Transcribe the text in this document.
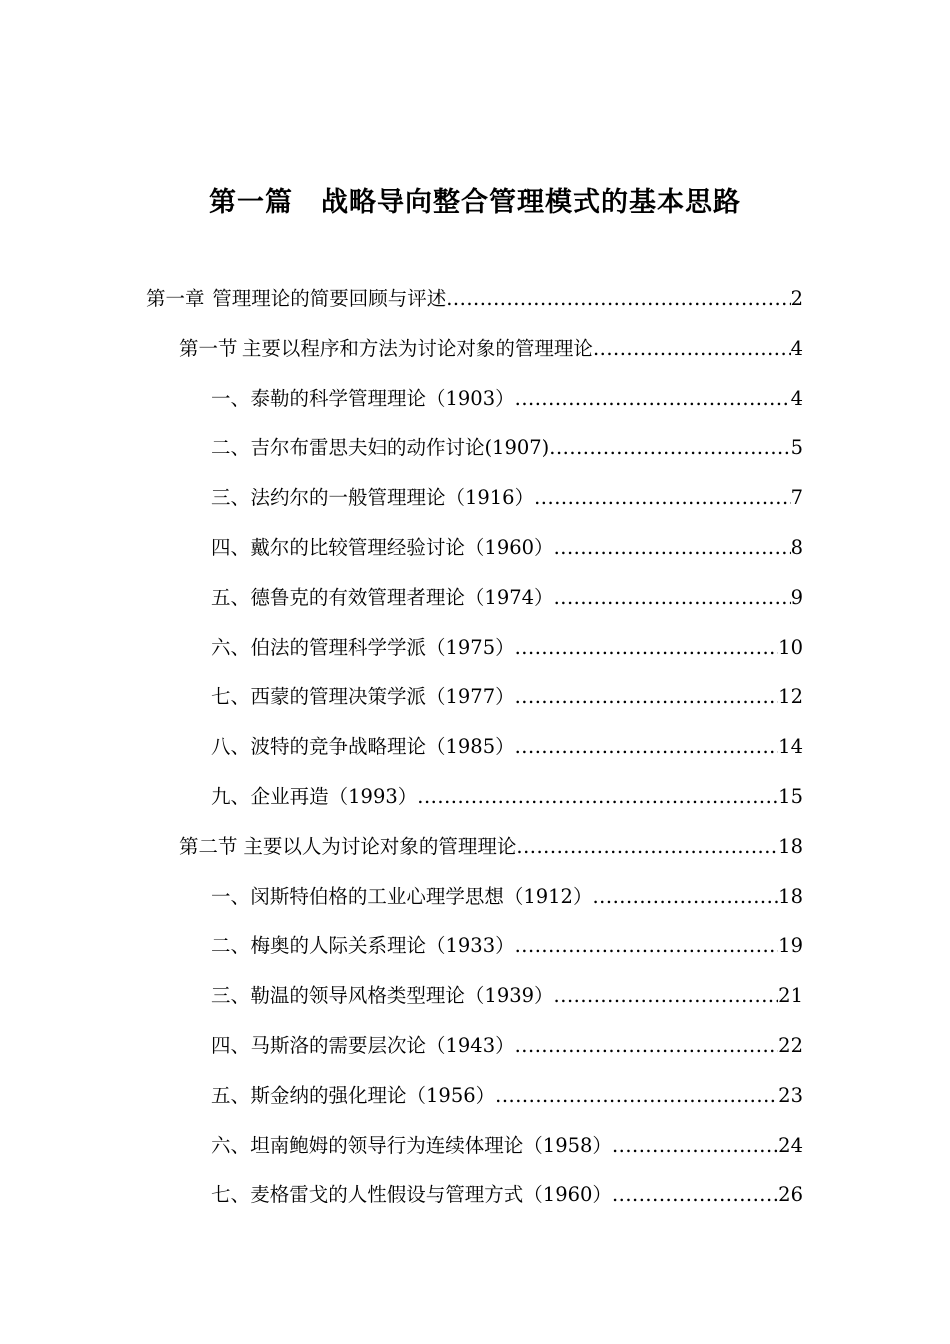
第一篇　战略导向整合管理模式的基本思路
第一章 管理理论的简要回顾与评述 .....	2
第一节 主要以程序和方法为讨论对象的管理理论 .....	4
一、 泰勒的科学管理理论（1903） .....	4
二、 吉尔布雷思夫妇的动作讨论(1907) .....	5
三、 法约尔的一般管理理论（1916） .....	7
四、 戴尔的比较管理经验讨论（1960） .....	8
五、 德鲁克的有效管理者理论（1974） .....	9
六、 伯法的管理科学学派（1975） .....	10
七、 西蒙的管理决策学派（1977） .....	12
八、 波特的竞争战略理论（1985） .....	14
九、 企业再造（1993） .....	15
第二节 主要以人为讨论对象的管理理论 .....	18
一、 闵斯特伯格的工业心理学思想（1912） .....	18
二、 梅奥的人际关系理论（1933） .....	19
三、 勒温的领导风格类型理论（1939） .....	21
四、 马斯洛的需要层次论（1943） .....	22
五、 斯金纳的强化理论（1956） .....	23
六、 坦南鲍姆的领导行为连续体理论（1958） .....	24
七、 麦格雷戈的人性假设与管理方式（1960） .....	26
